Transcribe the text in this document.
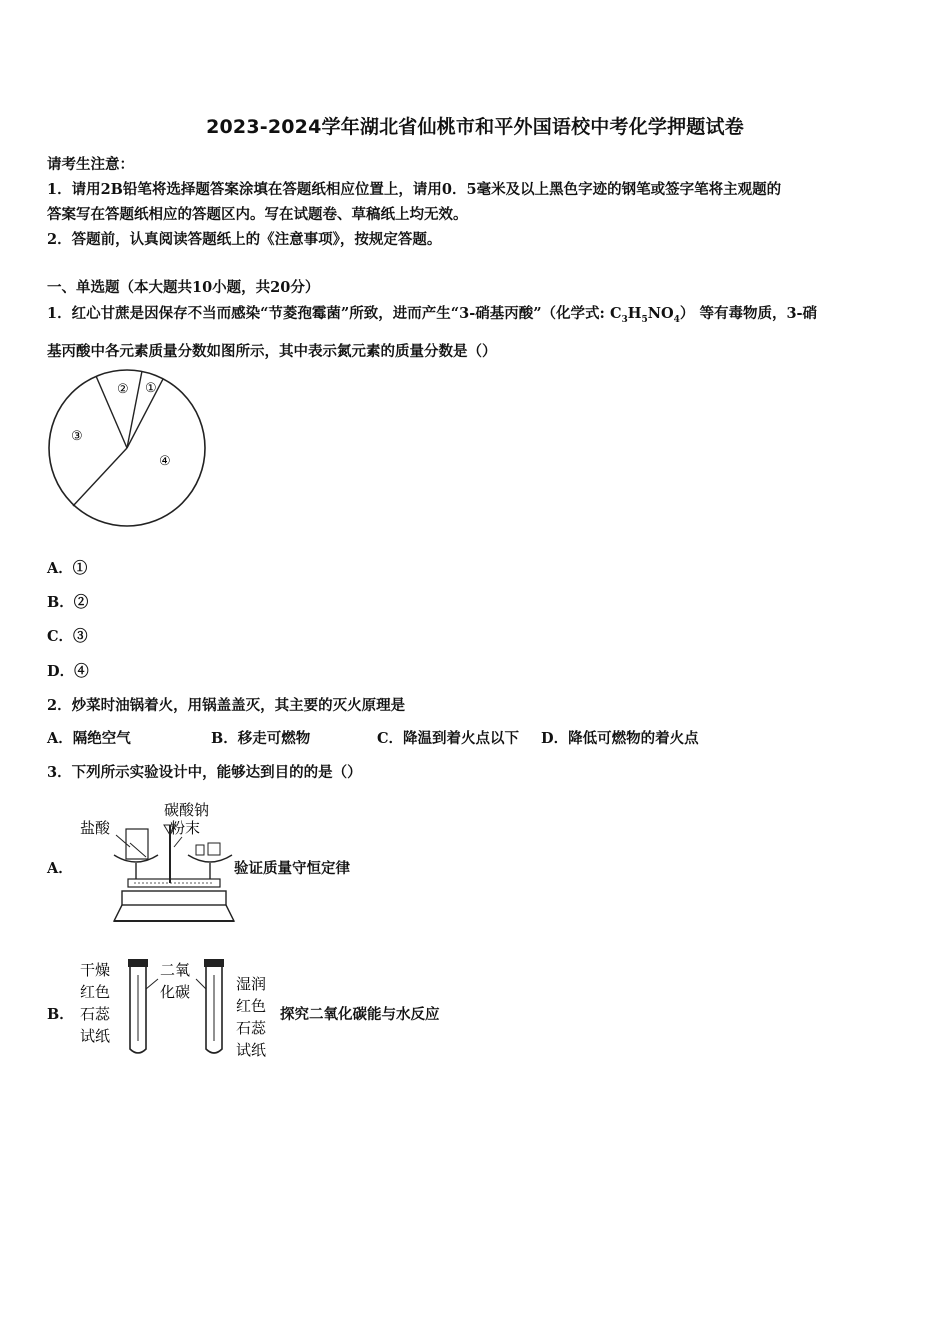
2023-2024学年湖北省仙桃市和平外国语校中考化学押题试卷
请考生注意：
1．请用2B铅笔将选择题答案涂填在答题纸相应位置上，请用0．5毫米及以上黑色字迹的钢笔或签字笔将主观题的
答案写在答题纸相应的答题区内。写在试题卷、草稿纸上均无效。
2．答题前，认真阅读答题纸上的《注意事项》，按规定答题。
一、单选题（本大题共10小题，共20分）
1．红心甘蔗是因保存不当而感染“节菱孢霉菌”所致，进而产生“3-硝基丙酸”（化学式: $C_3H_5NO_4$） 等有毒物质，3-硝
基丙酸中各元素质量分数如图所示，其中表示氮元素的质量分数是（）
①
②
③
④
A．①
B．②
C．③
D．④
2．炒菜时油锅着火，用锅盖盖灭，其主要的灭火原理是
A．隔绝空气	B．移走可燃物	C．降温到着火点以下 D．降低可燃物的着火点
3．下列所示实验设计中，能够达到目的的是（）
A．
盐酸
碳酸钠
粉末
验证质量守恒定律
B．
干燥
红色
石蕊
试纸
二氧
化碳	湿润
红色
石蕊
试纸
探究二氧化碳能与水反应
